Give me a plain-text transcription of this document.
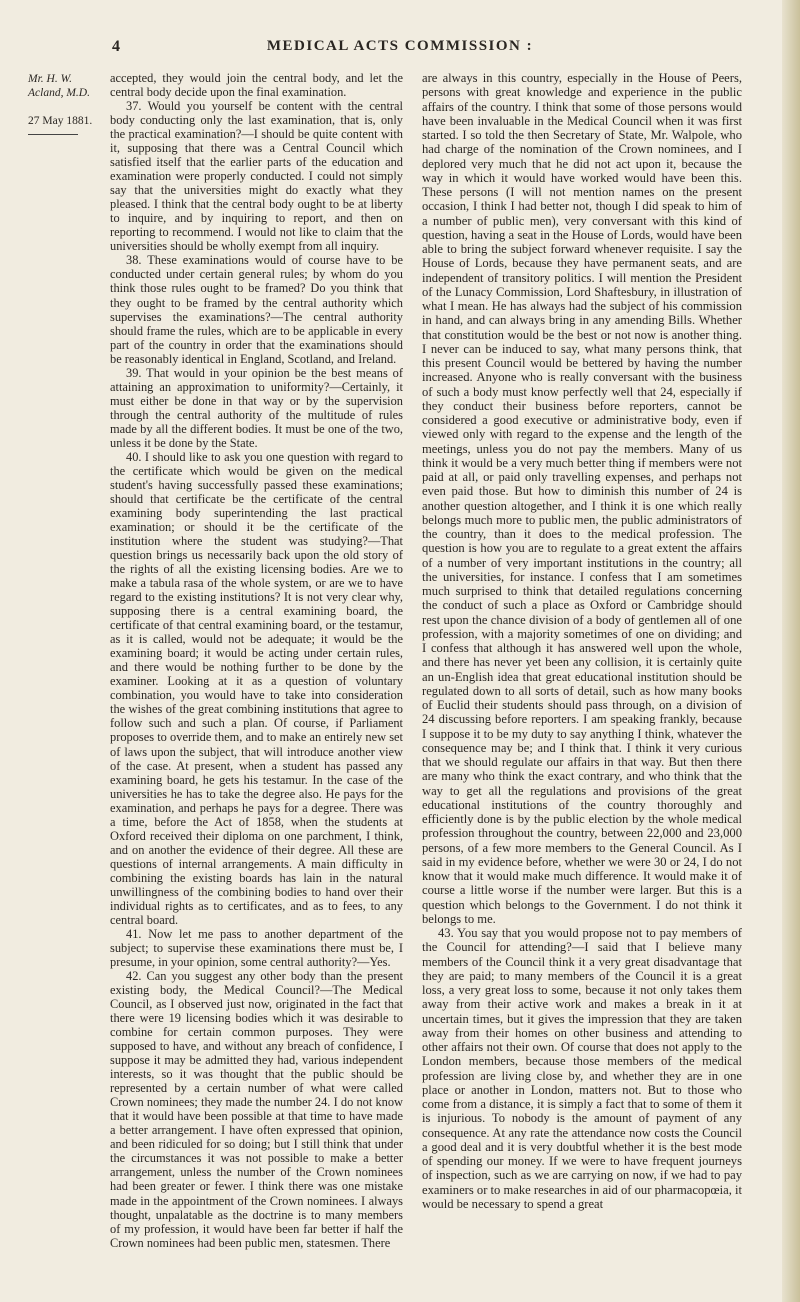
4	MEDICAL ACTS COMMISSION :
Mr. H. W. Acland, M.D.
27 May 1881.

accepted, they would join the central body, and let the central body decide upon the final examination.

37. Would you yourself be content with the central body conducting only the last examination, that is, only the practical examination?—I should be quite content with it, supposing that there was a Central Council which satisfied itself that the earlier parts of the education and examination were properly conducted. I could not simply say that the universities might do exactly what they pleased. I think that the central body ought to be at liberty to inquire, and by inquiring to report, and then on reporting to recommend. I would not like to claim that the universities should be wholly exempt from all inquiry.

38. These examinations would of course have to be conducted under certain general rules; by whom do you think those rules ought to be framed? Do you think that they ought to be framed by the central authority which supervises the examinations?—The central authority should frame the rules, which are to be applicable in every part of the country in order that the examinations should be reasonably identical in England, Scotland, and Ireland.

39. That would in your opinion be the best means of attaining an approximation to uniformity?—Certainly, it must either be done in that way or by the supervision through the central authority of the multitude of rules made by all the different bodies. It must be one of the two, unless it be done by the State.

40. I should like to ask you one question with regard to the certificate which would be given on the medical student's having successfully passed these examinations; should that certificate be the certificate of the central examining body superintending the last practical examination; or should it be the certificate of the institution where the student was studying?—That question brings us necessarily back upon the old story of the rights of all the existing licensing bodies. Are we to make a tabula rasa of the whole system, or are we to have regard to the existing institutions? It is not very clear why, supposing there is a central examining board, the certificate of that central examining board, or the testamur, as it is called, would not be adequate; it would be the examining board; it would be acting under certain rules, and there would be nothing further to be done by the examiner. Looking at it as a question of voluntary combination, you would have to take into consideration the wishes of the great combining institutions that agree to follow such and such a plan. Of course, if Parliament proposes to override them, and to make an entirely new set of laws upon the subject, that will introduce another view of the case. At present, when a student has passed any examining board, he gets his testamur. In the case of the universities he has to take the degree also. He pays for the examination, and perhaps he pays for a degree. There was a time, before the Act of 1858, when the students at Oxford received their diploma on one parchment, I think, and on another the evidence of their degree. All these are questions of internal arrangements. A main difficulty in combining the existing boards has lain in the natural unwillingness of the combining bodies to hand over their individual rights as to certificates, and as to fees, to any central board.

41. Now let me pass to another department of the subject; to supervise these examinations there must be, I presume, in your opinion, some central authority?—Yes.

42. Can you suggest any other body than the present existing body, the Medical Council?—The Medical Council, as I observed just now, originated in the fact that there were 19 licensing bodies which it was desirable to combine for certain common purposes. They were supposed to have, and without any breach of confidence, I suppose it may be admitted they had, various independent interests, so it was thought that the public should be represented by a certain number of what were called Crown nominees; they made the number 24. I do not know that it would have been possible at that time to have made a better arrangement. I have often expressed that opinion, and been ridiculed for so doing; but I still think that under the circumstances it was not possible to make a better arrangement, unless the number of the Crown nominees had been greater or fewer. I think there was one mistake made in the appointment of the Crown nominees. I always thought, unpalatable as the doctrine is to many members of my profession, it would have been far better if half the Crown nominees had been public men, statesmen. There

are always in this country, especially in the House of Peers, persons with great knowledge and experience in the public affairs of the country. I think that some of those persons would have been invaluable in the Medical Council when it was first started. I so told the then Secretary of State, Mr. Walpole, who had charge of the nomination of the Crown nominees, and I deplored very much that he did not act upon it, because the way in which it would have worked would have been this. These persons (I will not mention names on the present occasion, I think I had better not, though I did speak to him of a number of public men), very conversant with this kind of question, having a seat in the House of Lords, would have been able to bring the subject forward whenever requisite. I say the House of Lords, because they have permanent seats, and are independent of transitory politics. I will mention the President of the Lunacy Commission, Lord Shaftesbury, in illustration of what I mean. He has always had the subject of his commission in hand, and can always bring in any amending Bills. Whether that constitution would be the best or not now is another thing. I never can be induced to say, what many persons think, that this present Council would be bettered by having the number increased. Anyone who is really conversant with the business of such a body must know perfectly well that 24, especially if they conduct their business before reporters, cannot be considered a good executive or administrative body, even if viewed only with regard to the expense and the length of the meetings, unless you do not pay the members. Many of us think it would be a very much better thing if members were not paid at all, or paid only travelling expenses, and perhaps not even paid those. But how to diminish this number of 24 is another question altogether, and I think it is one which really belongs much more to public men, the public administrators of the country, than it does to the medical profession. The question is how you are to regulate to a great extent the affairs of a number of very important institutions in the country; all the universities, for instance. I confess that I am sometimes much surprised to think that detailed regulations concerning the conduct of such a place as Oxford or Cambridge should rest upon the chance division of a body of gentlemen all of one profession, with a majority sometimes of one on dividing; and I confess that although it has answered well upon the whole, and there has never yet been any collision, it is certainly quite an un-English idea that great educational institution should be regulated down to all sorts of detail, such as how many books of Euclid their students should pass through, on a division of 24 discussing before reporters. I am speaking frankly, because I suppose it to be my duty to say anything I think, whatever the consequence may be; and I think that. I think it very curious that we should regulate our affairs in that way. But then there are many who think the exact contrary, and who think that the way to get all the regulations and provisions of the great educational institutions of the country thoroughly and efficiently done is by the public election by the whole medical profession throughout the country, between 22,000 and 23,000 persons, of a few more members to the General Council. As I said in my evidence before, whether we were 30 or 24, I do not know that it would make much difference. It would make it of course a little worse if the number were larger. But this is a question which belongs to the Government. I do not think it belongs to me.

43. You say that you would propose not to pay members of the Council for attending?—I said that I believe many members of the Council think it a very great disadvantage that they are paid; to many members of the Council it is a great loss, a very great loss to some, because it not only takes them away from their active work and makes a break in it at uncertain times, but it gives the impression that they are taken away from their homes on other business and attending to other affairs not their own. Of course that does not apply to the London members, because those members of the medical profession are living close by, and whether they are in one place or another in London, matters not. But to those who come from a distance, it is simply a fact that to some of them it is injurious. To nobody is the amount of payment of any consequence. At any rate the attendance now costs the Council a good deal and it is very doubtful whether it is the best mode of spending our money. If we were to have frequent journeys of inspection, such as we are carrying on now, if we had to pay examiners or to make researches in aid of our pharmacopœia, it would be necessary to spend a great
